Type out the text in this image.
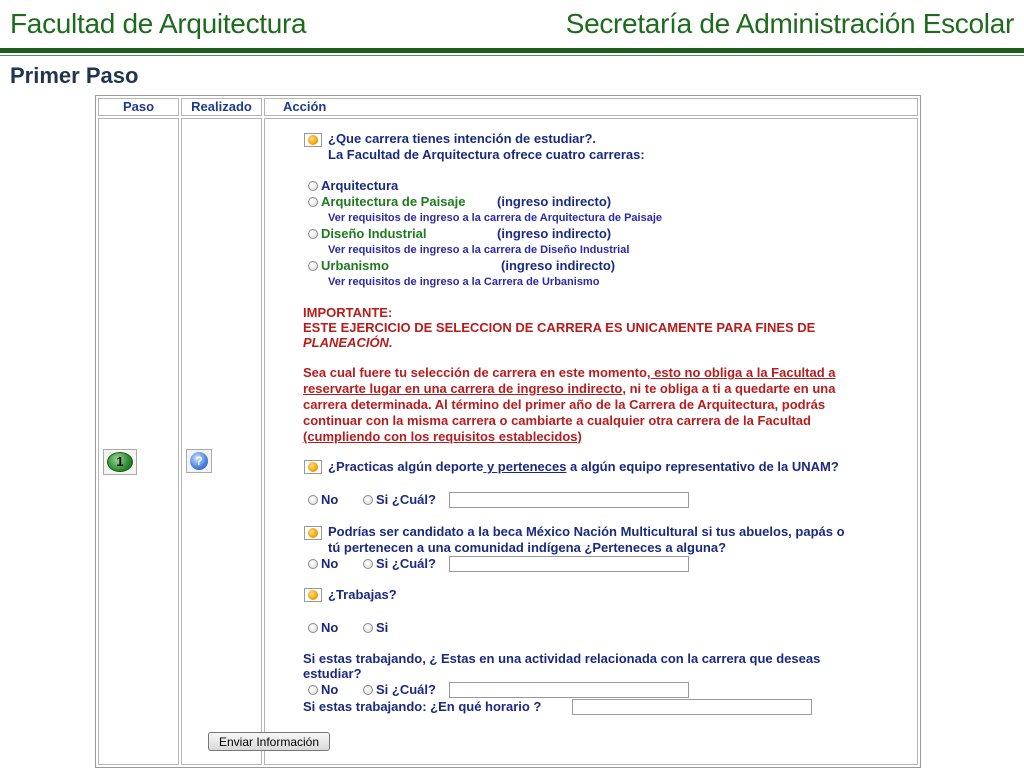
Facultad de Arquitectura	Secretaría de Administración Escolar
Primer Paso
Paso	Realizado	Acción
1	?
¿Que carrera tienes intención de estudiar?.
La Facultad de Arquitectura ofrece cuatro carreras:
Arquitectura
Arquitectura de Paisaje (ingreso indirecto)
Ver requisitos de ingreso a la carrera de Arquitectura de Paisaje
Diseño Industrial	(ingreso indirecto)
Ver requisitos de ingreso a la carrera de Diseño Industrial
Urbanismo	(ingreso indirecto)
Ver requisitos de ingreso a la Carrera de Urbanismo
IMPORTANTE:
ESTE EJERCICIO DE SELECCION DE CARRERA ES UNICAMENTE PARA FINES DE
PLANEACIÓN.
Sea cual fuere tu selección de carrera en este momento, esto no obliga a la Facultad a
reservarte lugar en una carrera de ingreso indirecto, ni te obliga a ti a quedarte en una
carrera determinada. Al término del primer año de la Carrera de Arquitectura, podrás
continuar con la misma carrera o cambiarte a cualquier otra carrera de la Facultad
(cumpliendo con los requisitos establecidos)
¿Practicas algún deporte y perteneces a algún equipo representativo de la UNAM?
No	Si ¿Cuál?
Podrías ser candidato a la beca México Nación Multicultural si tus abuelos, papás o
tú pertenecen a una comunidad indígena ¿Perteneces a alguna?
No	Si ¿Cuál?
¿Trabajas?
No	Si
Si estas trabajando, ¿ Estas en una actividad relacionada con la carrera que deseas
estudiar?
No	Si ¿Cuál?
Si estas trabajando: ¿En qué horario ?
Enviar Información
